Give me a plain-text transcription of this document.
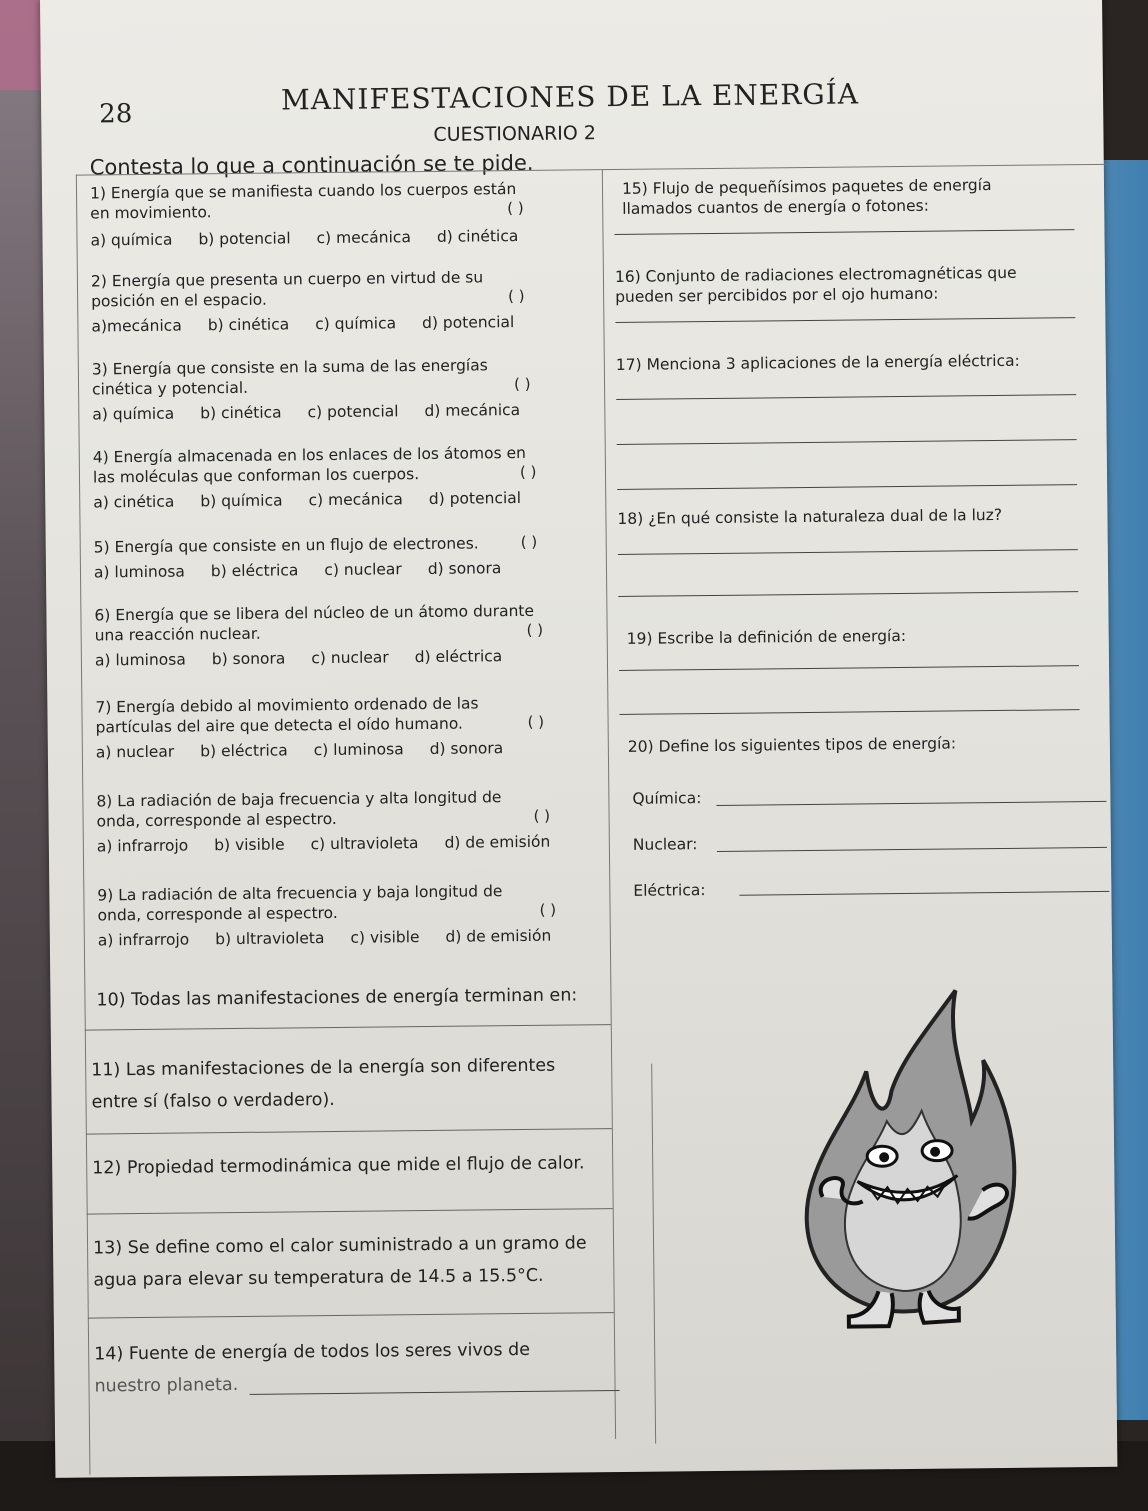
28	MANIFESTACIONES DE LA ENERGÍA
CUESTIONARIO 2
Contesta lo que a continuación se te pide.
1) Energía que se manifiesta cuando los cuerpos están
en movimiento.	( )
a) química b) potencial c) mecánica d) cinética
2) Energía que presenta un cuerpo en virtud de su
posición en el espacio.	( )
a)mecánica b) cinética c) química d) potencial
3) Energía que consiste en la suma de las energías
cinética y potencial.	( )
a) química b) cinética c) potencial d) mecánica
4) Energía almacenada en los enlaces de los átomos en
las moléculas que conforman los cuerpos.	( )
a) cinética b) química c) mecánica d) potencial
5) Energía que consiste en un flujo de electrones.	( )
a) luminosa b) eléctrica c) nuclear d) sonora
6) Energía que se libera del núcleo de un átomo durante
una reacción nuclear.	( )
a) luminosa b) sonora c) nuclear d) eléctrica
7) Energía debido al movimiento ordenado de las
partículas del aire que detecta el oído humano.	( )
a) nuclear b) eléctrica c) luminosa d) sonora
8) La radiación de baja frecuencia y alta longitud de
onda, corresponde al espectro.	( )
a) infrarrojo b) visible c) ultravioleta d) de emisión
9) La radiación de alta frecuencia y baja longitud de
onda, corresponde al espectro.	( )
a) infrarrojo b) ultravioleta c) visible d) de emisión
10) Todas las manifestaciones de energía terminan en:
11) Las manifestaciones de la energía son diferentes
entre sí (falso o verdadero).
12) Propiedad termodinámica que mide el flujo de calor.
13) Se define como el calor suministrado a un gramo de
agua para elevar su temperatura de 14.5 a 15.5°C.
14) Fuente de energía de todos los seres vivos de
nuestro planeta.
15) Flujo de pequeñísimos paquetes de energía
llamados cuantos de energía o fotones:
16) Conjunto de radiaciones electromagnéticas que
pueden ser percibidos por el ojo humano:
17) Menciona 3 aplicaciones de la energía eléctrica:
18) ¿En qué consiste la naturaleza dual de la luz?
19) Escribe la definición de energía:
20) Define los siguientes tipos de energía:
Química:
Nuclear:
Eléctrica:
